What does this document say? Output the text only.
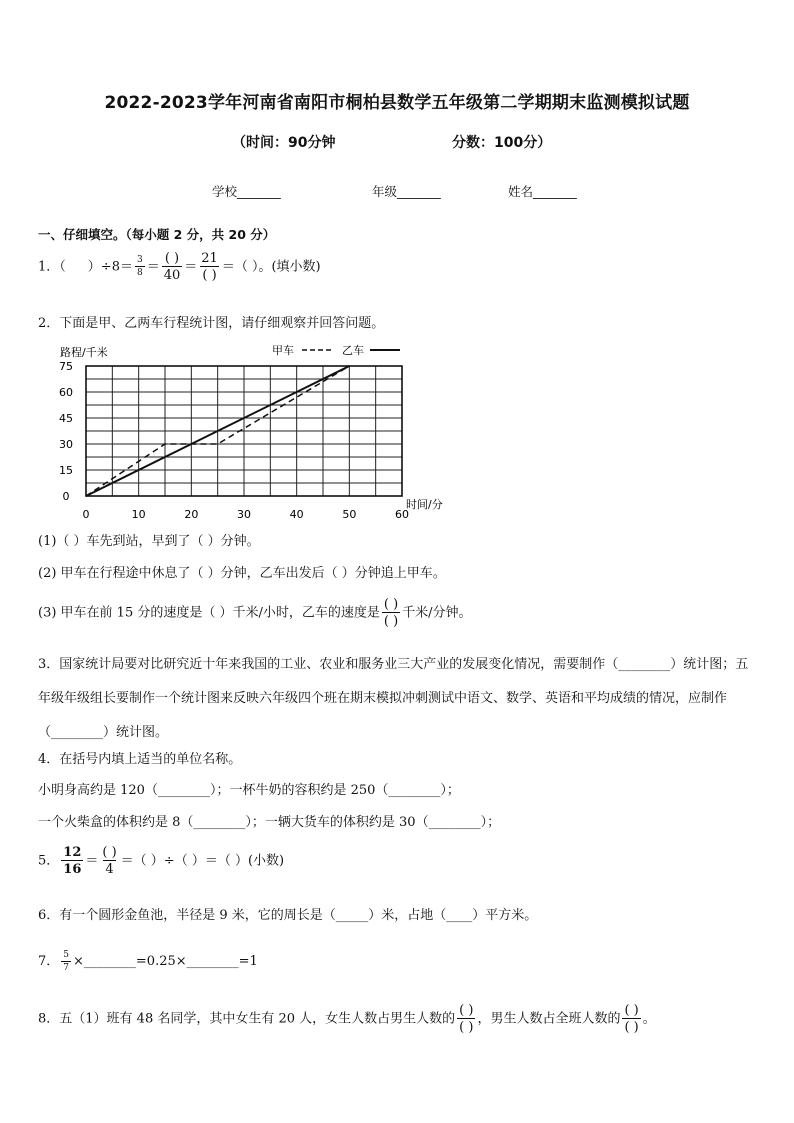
2022-2023学年河南省南阳市桐柏县数学五年级第二学期期末监测模拟试题
（时间：90分钟	分数：100分）
学校_______	年级_______	姓名_______
一、仔细填空。（每小题 2 分，共 20 分）
1．（ ）$\div 8= \frac{3}{8} = \frac{( )}{40} = \frac{21}{( )}$ ＝（ ）。(填小数)
2．下面是甲、乙两车行程统计图，请仔细观察并回答问题。
0	10	20	30	40	50	60
0
15
30
45
60
75
路程/千米
时间/分
甲车	乙车
(1)（ ）车先到站，早到了（ ）分钟。
(2) 甲车在行程途中休息了（ ）分钟，乙车出发后（ ）分钟追上甲车。
(3) 甲车在前 15 分的速度是（ ）千米/小时，乙车的速度是 $\frac{( )}{( )}$ 千米/分钟。
3．国家统计局要对比研究近十年来我国的工业、农业和服务业三大产业的发展变化情况，需要制作（________）统计图；五年级年级组长要制作一个统计图来反映六年级四个班在期末模拟冲刺测试中语文、数学、英语和平均成绩的情况，应制作（________）统计图。
4．在括号内填上适当的单位名称。
小明身高约是 120（________）；一杯牛奶的容积约是 250（________）；
一个火柴盒的体积约是 8（________）；一辆大货车的体积约是 30（________）；
5． $\frac{12}{16} = \frac{( )}{4}$ ＝（ ）÷（ ）＝（ ）(小数)
6．有一个圆形金鱼池，半径是 9 米，它的周长是（_____）米，占地（____）平方米。
7． $\frac{5}{7}$ ×________=0.25×________=1
8．五（1）班有 48 名同学，其中女生有 20 人，女生人数占男生人数的 $\frac{( )}{( )}$ ，男生人数占全班人数的 $\frac{( )}{( )}$ 。
